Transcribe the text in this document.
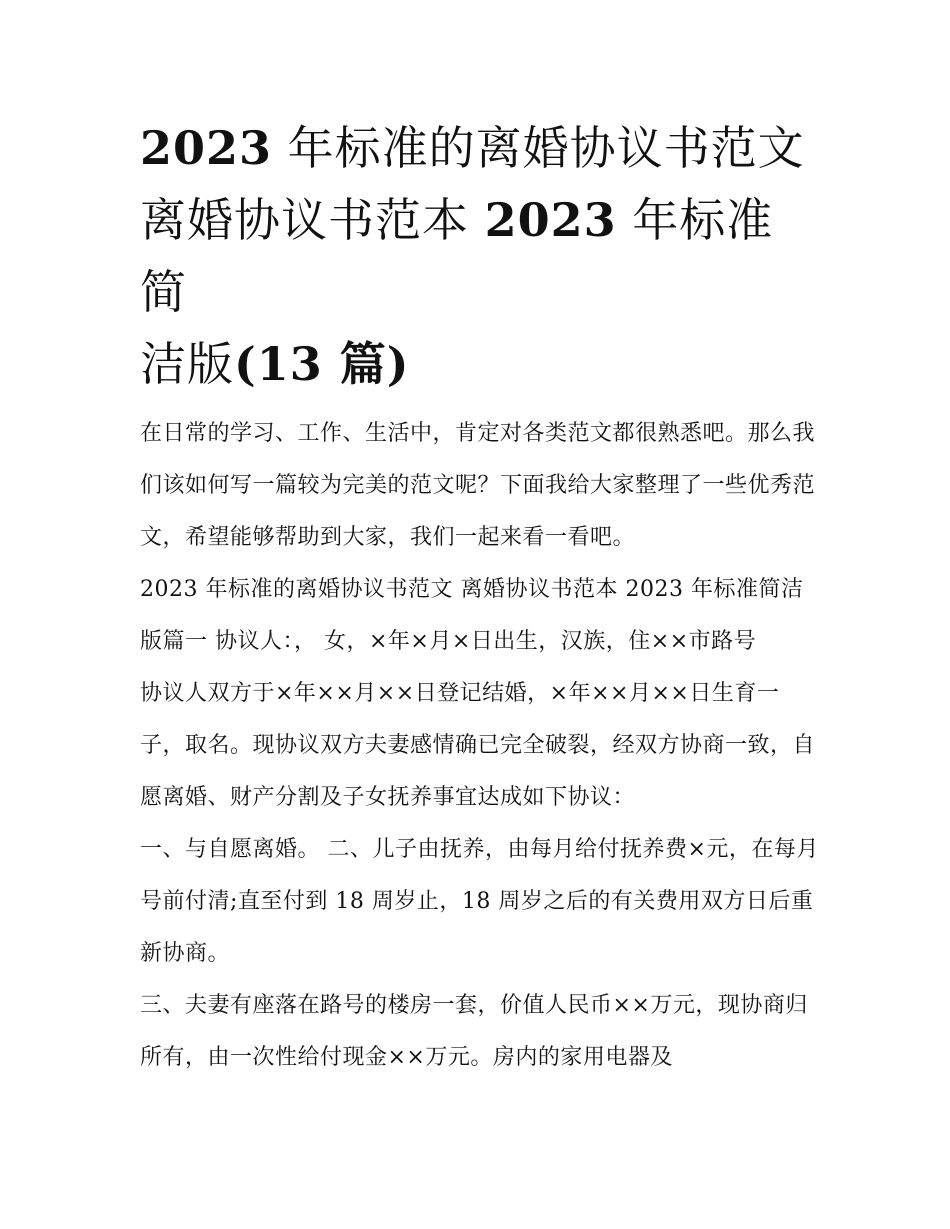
2023 年标准的离婚协议书范文
离婚协议书范本 2023 年标准简
洁版(13 篇)

在日常的学习、工作、生活中，肯定对各类范文都很熟悉吧。那么我们该如何写一篇较为完美的范文呢？下面我给大家整理了一些优秀范文，希望能够帮助到大家，我们一起来看一看吧。

2023 年标准的离婚协议书范文 离婚协议书范本 2023 年标准简洁版篇一 协议人：， 女，×年×月×日出生，汉族，住××市路号

协议人双方于×年××月××日登记结婚，×年××月××日生育一子，取名。现协议双方夫妻感情确已完全破裂，经双方协商一致，自愿离婚、财产分割及子女抚养事宜达成如下协议：

一、与自愿离婚。 二、儿子由抚养，由每月给付抚养费×元，在每月号前付清;直至付到 18 周岁止，18 周岁之后的有关费用双方日后重新协商。

三、夫妻有座落在路号的楼房一套，价值人民币××万元，现协商归所有，由一次性给付现金××万元。房内的家用电器及
